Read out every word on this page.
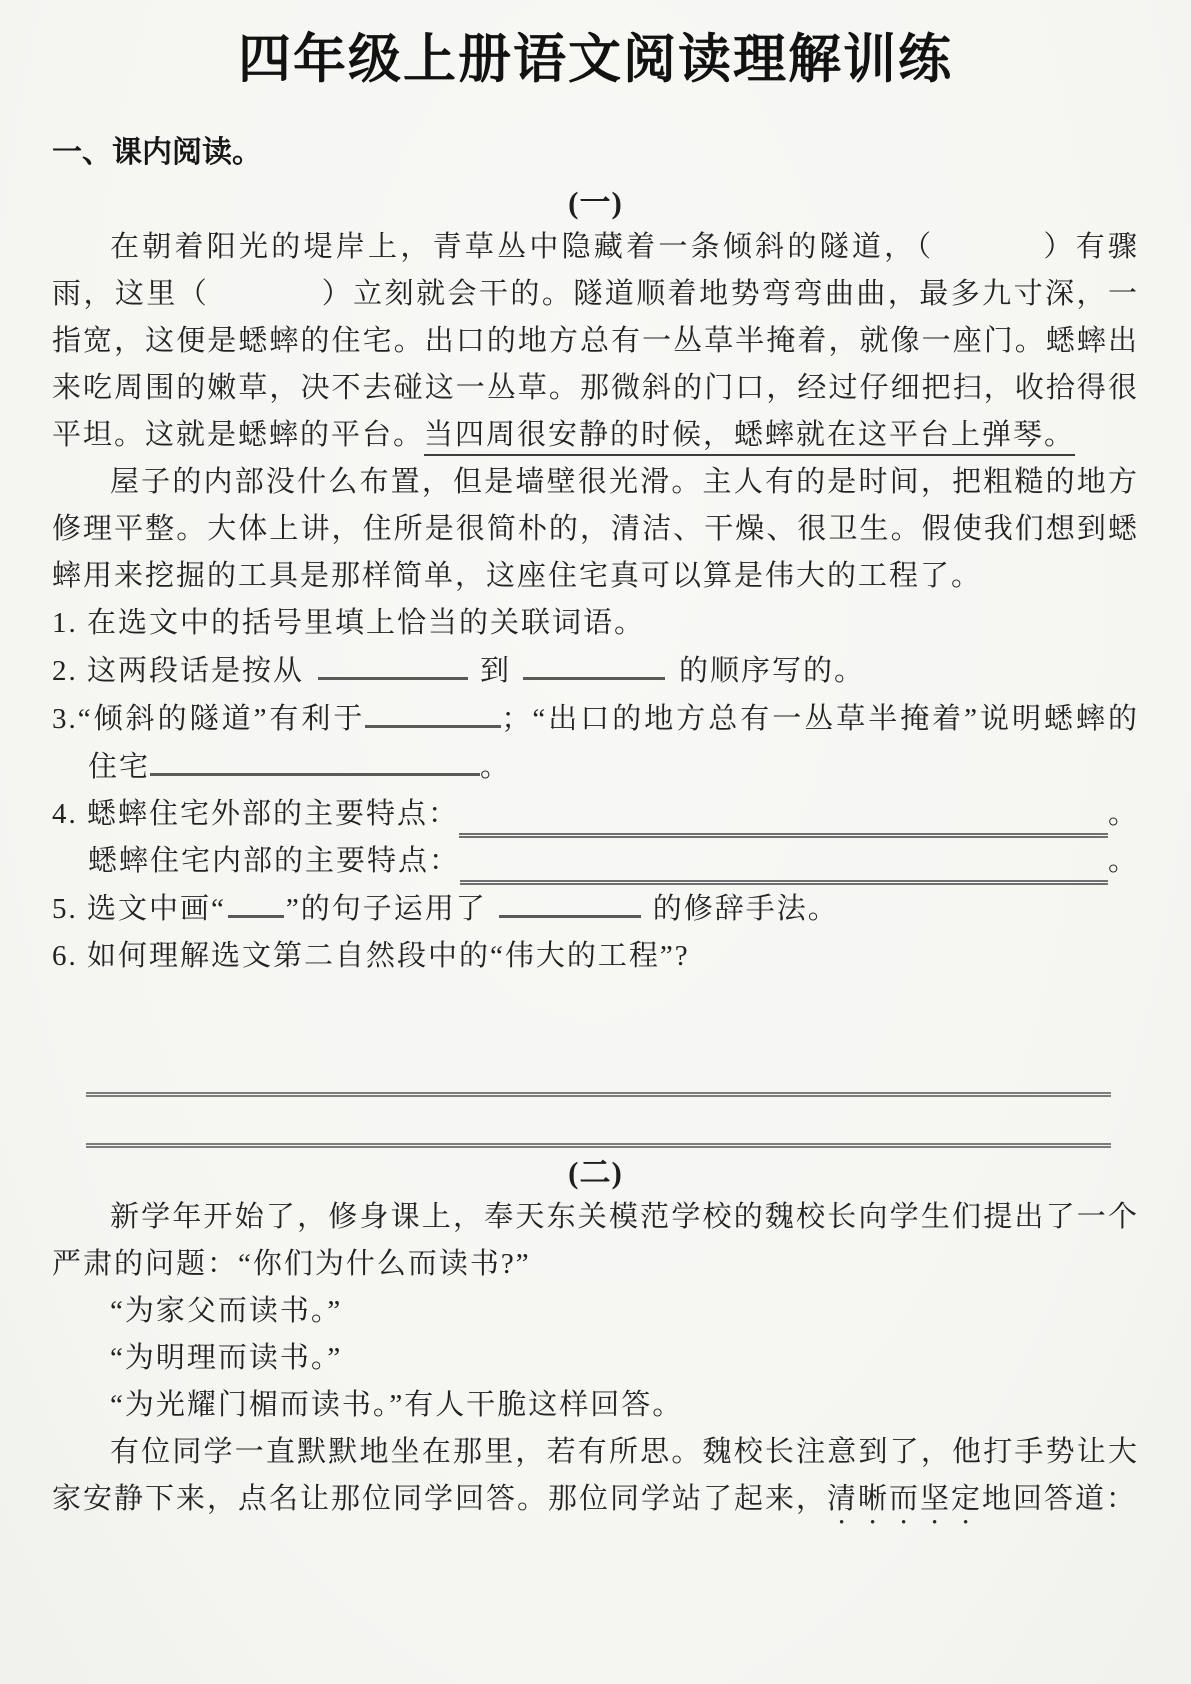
四年级上册语文阅读理解训练
一、课内阅读。
(一)

在朝着阳光的堤岸上，青草丛中隐藏着一条倾斜的隧道，（	）有骤雨，这里（	）立刻就会干的。隧道顺着地势弯弯曲曲，最多九寸深，一指宽，这便是蟋蟀的住宅。出口的地方总有一丛草半掩着，就像一座门。蟋蟀出来吃周围的嫩草，决不去碰这一丛草。那微斜的门口，经过仔细把扫，收拾得很平坦。这就是蟋蟀的平台。当四周很安静的时候，蟋蟀就在这平台上弹琴。

屋子的内部没什么布置，但是墙壁很光滑。主人有的是时间，把粗糙的地方修理平整。大体上讲，住所是很简朴的，清洁、干燥、很卫生。假使我们想到蟋蟀用来挖掘的工具是那样简单，这座住宅真可以算是伟大的工程了。

1. 在选文中的括号里填上恰当的关联词语。
2. 这两段话是按从	到	的顺序写的。
3.“倾斜的隧道”有利于	；“出口的地方总有一丛草半掩着”说明蟋蟀的住宅	。
4. 蟋蟀住宅外部的主要特点：	。
蟋蟀住宅内部的主要特点：	。
5. 选文中画“ ”的句子运用了	的修辞手法。
6. 如何理解选文第二自然段中的“伟大的工程”?
(二)

新学年开始了，修身课上，奉天东关模范学校的魏校长向学生们提出了一个严肃的问题：“你们为什么而读书?”

“为家父而读书。”

“为明理而读书。”

“为光耀门楣而读书。”有人干脆这样回答。

有位同学一直默默地坐在那里，若有所思。魏校长注意到了，他打手势让大家安静下来，点名让那位同学回答。那位同学站了起来，清晰而坚定地回答道：
